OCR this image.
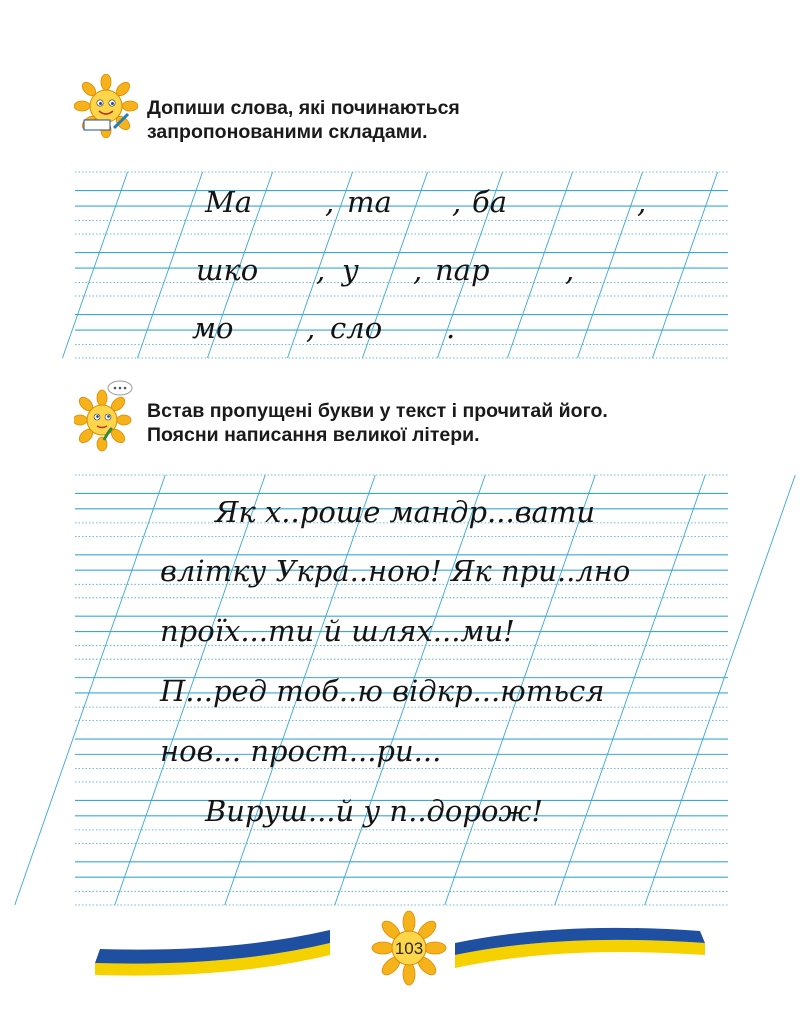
Допиши слова, які починаються

запропонованими складами.

Ма	, та , ба	,
шко , у , пар	,
мо , сло .

Встав пропущені букви у текст і прочитай його.

Поясни написання великої літери.

Як х..роше мандр...вати
влітку Укра..ною! Як при..лно
проїх...ти й шлях...ми!
П...ред тоб..ю відкр...ються
нов... прост...ри...
Вируш...й у п..дорож!
103
